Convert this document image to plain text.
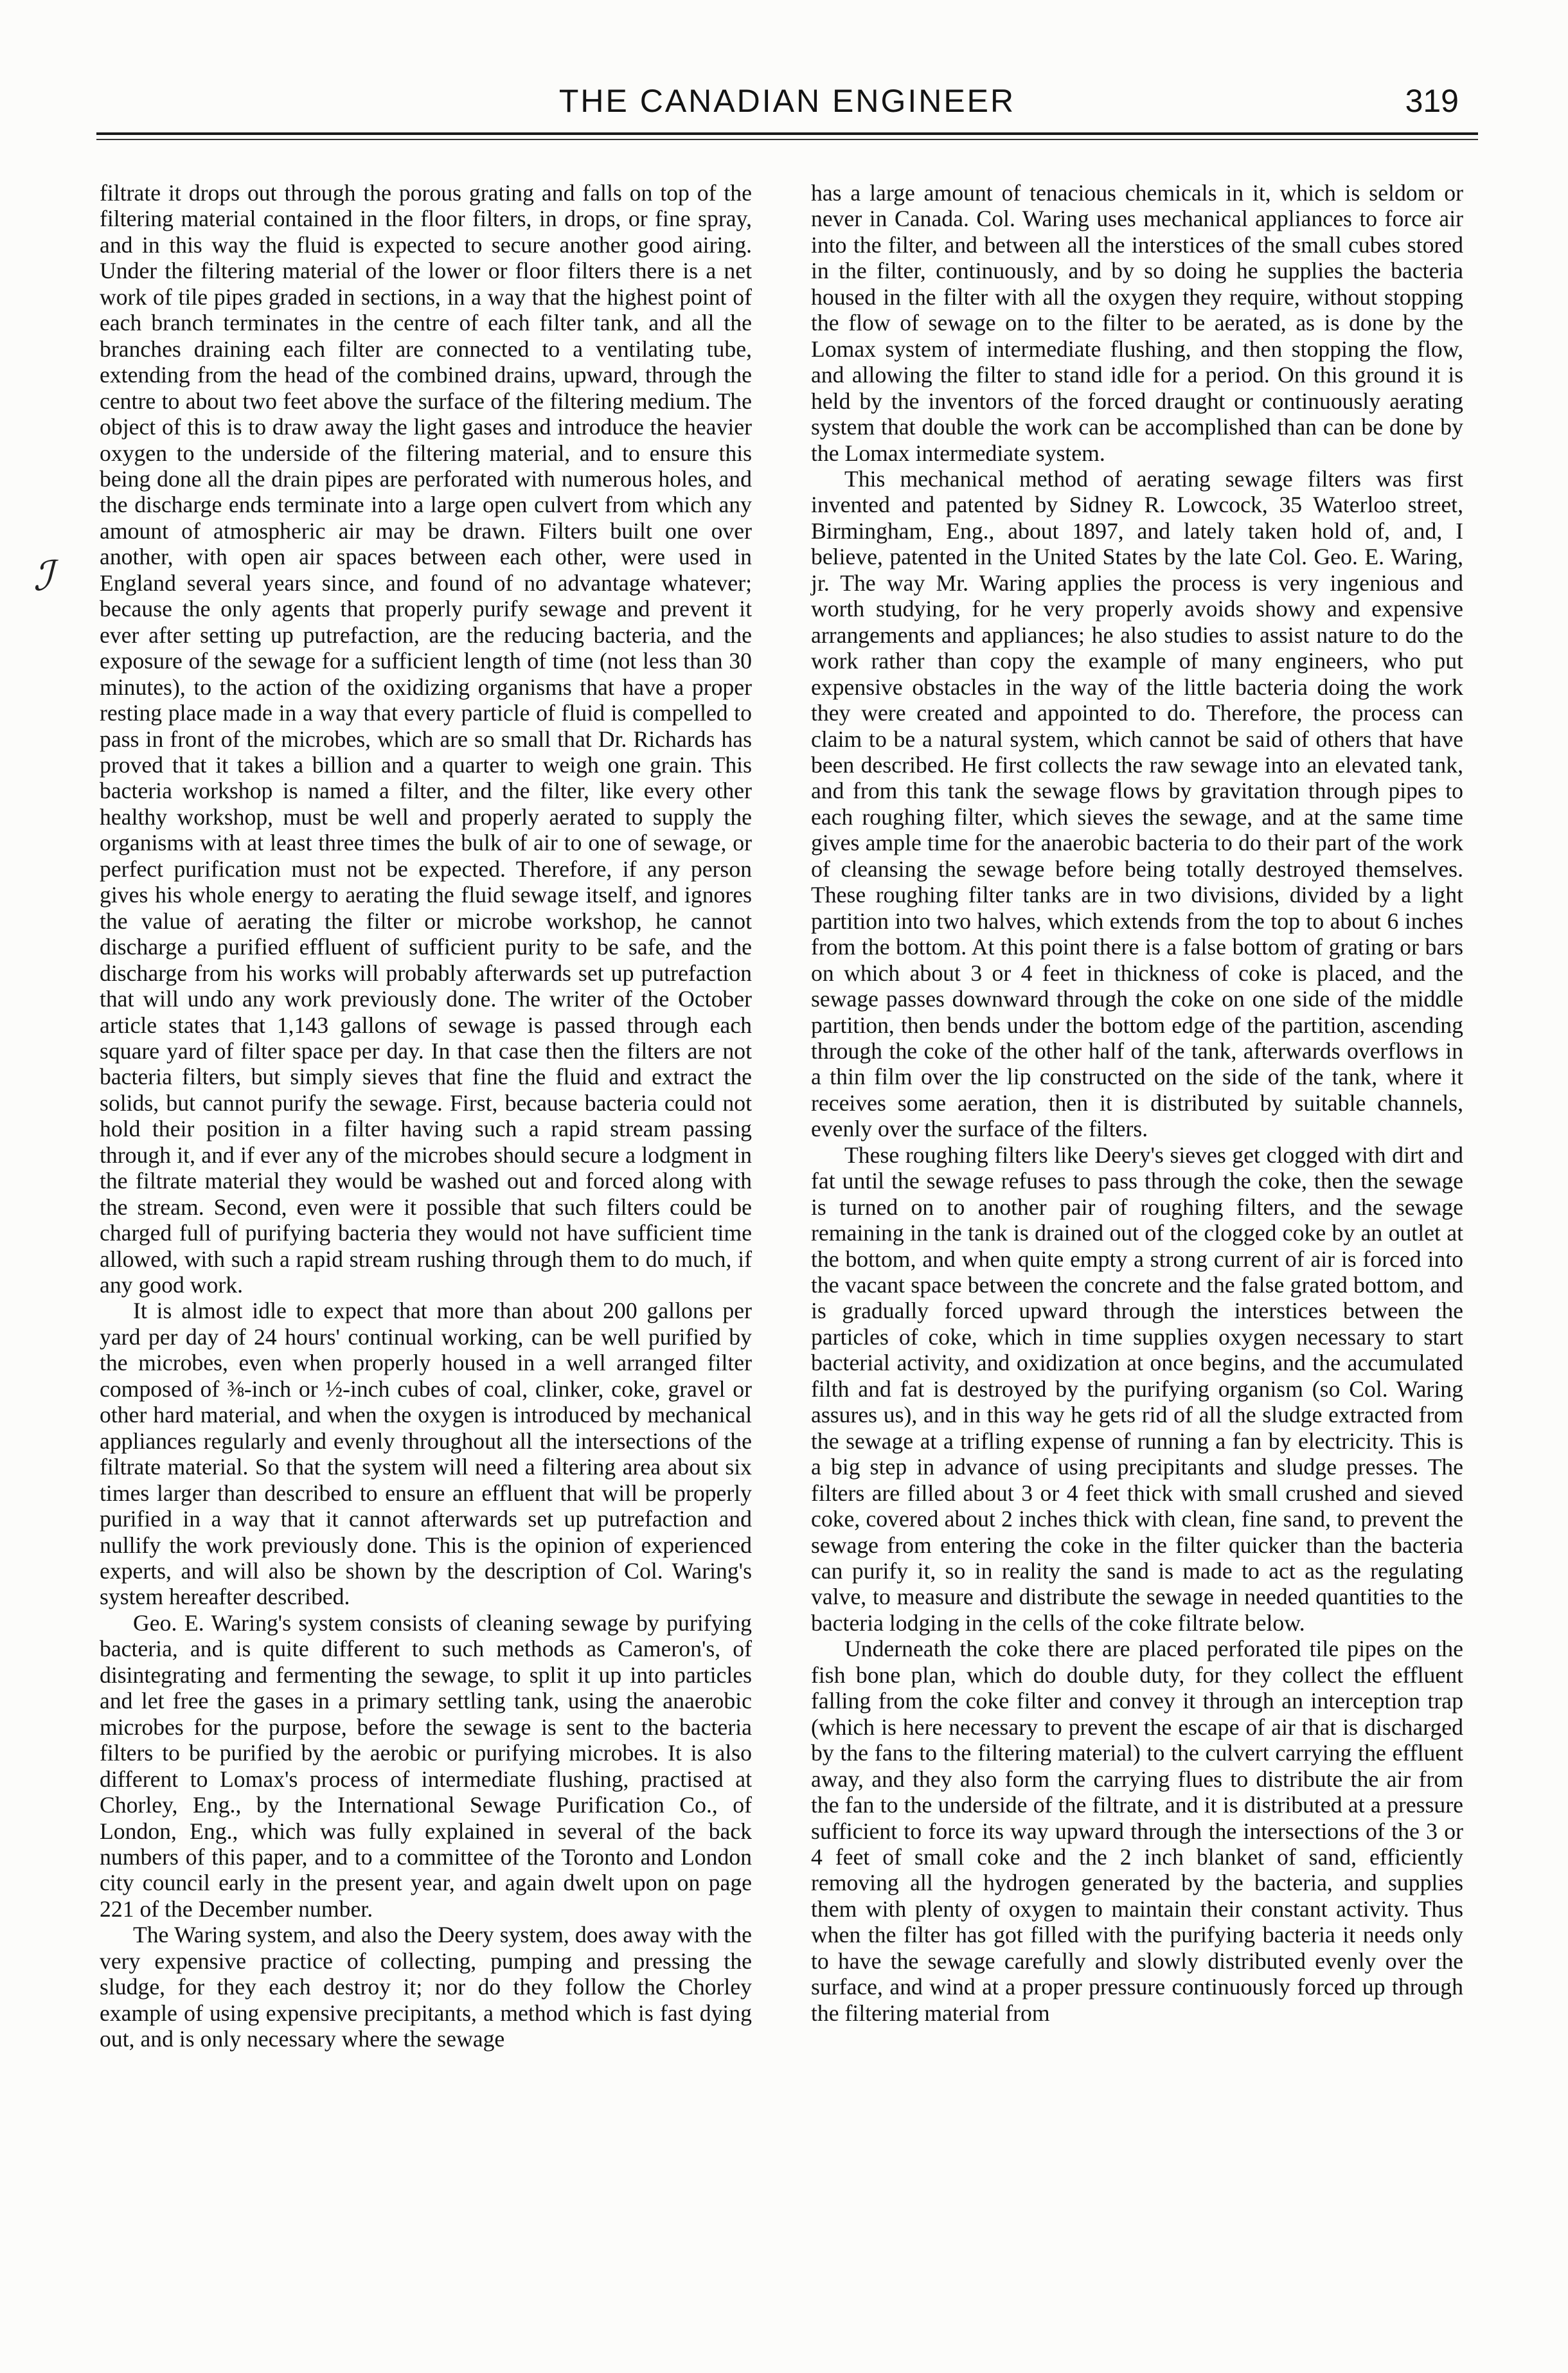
THE CANADIAN ENGINEER	319
ℐ

filtrate it drops out through the porous grating and falls on top of the filtering material contained in the floor filters, in drops, or fine spray, and in this way the fluid is expected to secure another good airing. Under the filtering material of the lower or floor filters there is a net work of tile pipes graded in sections, in a way that the highest point of each branch terminates in the centre of each filter tank, and all the branches draining each filter are connected to a ventilating tube, extending from the head of the combined drains, upward, through the centre to about two feet above the surface of the filtering medium. The object of this is to draw away the light gases and introduce the heavier oxygen to the underside of the filtering material, and to ensure this being done all the drain pipes are perforated with numerous holes, and the discharge ends terminate into a large open culvert from which any amount of atmospheric air may be drawn. Filters built one over another, with open air spaces between each other, were used in England several years since, and found of no advantage whatever; because the only agents that properly purify sewage and prevent it ever after setting up putrefaction, are the reducing bacteria, and the exposure of the sewage for a sufficient length of time (not less than 30 minutes), to the action of the oxidizing organisms that have a proper resting place made in a way that every particle of fluid is compelled to pass in front of the microbes, which are so small that Dr. Richards has proved that it takes a billion and a quarter to weigh one grain. This bacteria workshop is named a filter, and the filter, like every other healthy workshop, must be well and properly aerated to supply the organisms with at least three times the bulk of air to one of sewage, or perfect purification must not be expected. Therefore, if any person gives his whole energy to aerating the fluid sewage itself, and ignores the value of aerating the filter or microbe workshop, he cannot discharge a purified effluent of sufficient purity to be safe, and the discharge from his works will probably afterwards set up putrefaction that will undo any work previously done. The writer of the October article states that 1,143 gallons of sewage is passed through each square yard of filter space per day. In that case then the filters are not bacteria filters, but simply sieves that fine the fluid and extract the solids, but cannot purify the sewage. First, because bacteria could not hold their position in a filter having such a rapid stream passing through it, and if ever any of the microbes should secure a lodgment in the filtrate material they would be washed out and forced along with the stream. Second, even were it possible that such filters could be charged full of purifying bacteria they would not have sufficient time allowed, with such a rapid stream rushing through them to do much, if any good work.

It is almost idle to expect that more than about 200 gallons per yard per day of 24 hours' continual working, can be well purified by the microbes, even when properly housed in a well arranged filter composed of ⅜-inch or ½-inch cubes of coal, clinker, coke, gravel or other hard material, and when the oxygen is introduced by mechanical appliances regularly and evenly throughout all the intersections of the filtrate material. So that the system will need a filtering area about six times larger than described to ensure an effluent that will be properly purified in a way that it cannot afterwards set up putrefaction and nullify the work previously done. This is the opinion of experienced experts, and will also be shown by the description of Col. Waring's system hereafter described.

Geo. E. Waring's system consists of cleaning sewage by purifying bacteria, and is quite different to such methods as Cameron's, of disintegrating and fermenting the sewage, to split it up into particles and let free the gases in a primary settling tank, using the anaerobic microbes for the purpose, before the sewage is sent to the bacteria filters to be purified by the aerobic or purifying microbes. It is also different to Lomax's process of intermediate flushing, practised at Chorley, Eng., by the International Sewage Purification Co., of London, Eng., which was fully explained in several of the back numbers of this paper, and to a committee of the Toronto and London city council early in the present year, and again dwelt upon on page 221 of the December number.

The Waring system, and also the Deery system, does away with the very expensive practice of collecting, pumping and pressing the sludge, for they each destroy it; nor do they follow the Chorley example of using expensive precipitants, a method which is fast dying out, and is only necessary where the sewage

has a large amount of tenacious chemicals in it, which is seldom or never in Canada. Col. Waring uses mechanical appliances to force air into the filter, and between all the interstices of the small cubes stored in the filter, continuously, and by so doing he supplies the bacteria housed in the filter with all the oxygen they require, without stopping the flow of sewage on to the filter to be aerated, as is done by the Lomax system of intermediate flushing, and then stopping the flow, and allowing the filter to stand idle for a period. On this ground it is held by the inventors of the forced draught or continuously aerating system that double the work can be accomplished than can be done by the Lomax intermediate system.

This mechanical method of aerating sewage filters was first invented and patented by Sidney R. Lowcock, 35 Waterloo street, Birmingham, Eng., about 1897, and lately taken hold of, and, I believe, patented in the United States by the late Col. Geo. E. Waring, jr. The way Mr. Waring applies the process is very ingenious and worth studying, for he very properly avoids showy and expensive arrangements and appliances; he also studies to assist nature to do the work rather than copy the example of many engineers, who put expensive obstacles in the way of the little bacteria doing the work they were created and appointed to do. Therefore, the process can claim to be a natural system, which cannot be said of others that have been described. He first collects the raw sewage into an elevated tank, and from this tank the sewage flows by gravitation through pipes to each roughing filter, which sieves the sewage, and at the same time gives ample time for the anaerobic bacteria to do their part of the work of cleansing the sewage before being totally destroyed themselves. These roughing filter tanks are in two divisions, divided by a light partition into two halves, which extends from the top to about 6 inches from the bottom. At this point there is a false bottom of grating or bars on which about 3 or 4 feet in thickness of coke is placed, and the sewage passes downward through the coke on one side of the middle partition, then bends under the bottom edge of the partition, ascending through the coke of the other half of the tank, afterwards overflows in a thin film over the lip constructed on the side of the tank, where it receives some aeration, then it is distributed by suitable channels, evenly over the surface of the filters.

These roughing filters like Deery's sieves get clogged with dirt and fat until the sewage refuses to pass through the coke, then the sewage is turned on to another pair of roughing filters, and the sewage remaining in the tank is drained out of the clogged coke by an outlet at the bottom, and when quite empty a strong current of air is forced into the vacant space between the concrete and the false grated bottom, and is gradually forced upward through the interstices between the particles of coke, which in time supplies oxygen necessary to start bacterial activity, and oxidization at once begins, and the accumulated filth and fat is destroyed by the purifying organism (so Col. Waring assures us), and in this way he gets rid of all the sludge extracted from the sewage at a trifling expense of running a fan by electricity. This is a big step in advance of using precipitants and sludge presses. The filters are filled about 3 or 4 feet thick with small crushed and sieved coke, covered about 2 inches thick with clean, fine sand, to prevent the sewage from entering the coke in the filter quicker than the bacteria can purify it, so in reality the sand is made to act as the regulating valve, to measure and distribute the sewage in needed quantities to the bacteria lodging in the cells of the coke filtrate below.

Underneath the coke there are placed perforated tile pipes on the fish bone plan, which do double duty, for they collect the effluent falling from the coke filter and convey it through an interception trap (which is here necessary to prevent the escape of air that is discharged by the fans to the filtering material) to the culvert carrying the effluent away, and they also form the carrying flues to distribute the air from the fan to the underside of the filtrate, and it is distributed at a pressure sufficient to force its way upward through the intersections of the 3 or 4 feet of small coke and the 2 inch blanket of sand, efficiently removing all the hydrogen generated by the bacteria, and supplies them with plenty of oxygen to maintain their constant activity. Thus when the filter has got filled with the purifying bacteria it needs only to have the sewage carefully and slowly distributed evenly over the surface, and wind at a proper pressure continuously forced up through the filtering material from
